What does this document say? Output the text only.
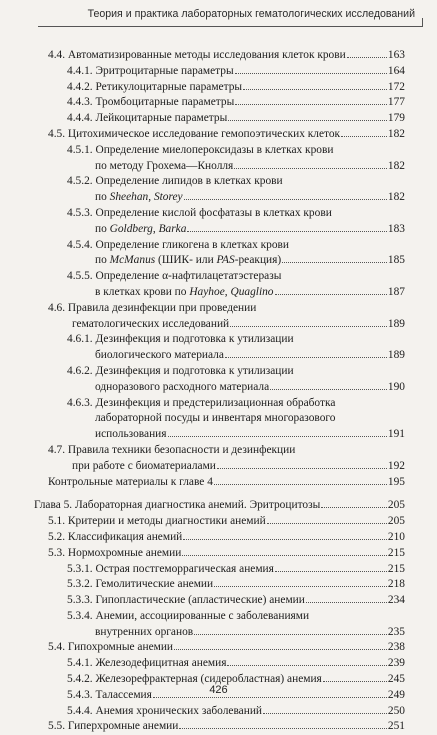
Теория и практика лабораторных гематологических исследований
4.4. Автоматизированные методы исследования клеток крови	163
4.4.1. Эритроцитарные параметры	164
4.4.2. Ретикулоцитарные параметры	172
4.4.3. Тромбоцитарные параметры	177
4.4.4. Лейкоцитарные параметры	179
4.5. Цитохимическое исследование гемопоэтических клеток	182
4.5.1. Определение миелопероксидазы в клетках крови
по методу Грохема—Кнолля	182
4.5.2. Определение липидов в клетках крови
по Sheehan, Storey	182
4.5.3. Определение кислой фосфатазы в клетках крови
по Goldberg, Barka	183
4.5.4. Определение гликогена в клетках крови
по McManus (ШИК- или PAS-реакция)	185
4.5.5. Определение α-нафтилацетатэстеразы
в клетках крови по Hayhoe, Quaglino	187
4.6. Правила дезинфекции при проведении
гематологических исследований	189
4.6.1. Дезинфекция и подготовка к утилизации
биологического материала	189
4.6.2. Дезинфекция и подготовка к утилизации
одноразового расходного материала	190
4.6.3. Дезинфекция и предстерилизационная обработка
лабораторной посуды и инвентаря многоразового
использования	191
4.7. Правила техники безопасности и дезинфекции
при работе с биоматериалами	192
Контрольные материалы к главе 4	195
Глава 5. Лабораторная диагностика анемий. Эритроцитозы	205
5.1. Критерии и методы диагностики анемий	205
5.2. Классификация анемий	210
5.3. Нормохромные анемии	215
5.3.1. Острая постгеморрагическая анемия	215
5.3.2. Гемолитические анемии	218
5.3.3. Гипопластические (апластические) анемии	234
5.3.4. Анемии, ассоциированные с заболеваниями
внутренних органов	235
5.4. Гипохромные анемии	238
5.4.1. Железодефицитная анемия	239
5.4.2. Железорефрактерная (сидеробластная) анемия	245
5.4.3. Талассемия	249
5.4.4. Анемия хронических заболеваний	250
5.5. Гиперхромные анемии	251
426
